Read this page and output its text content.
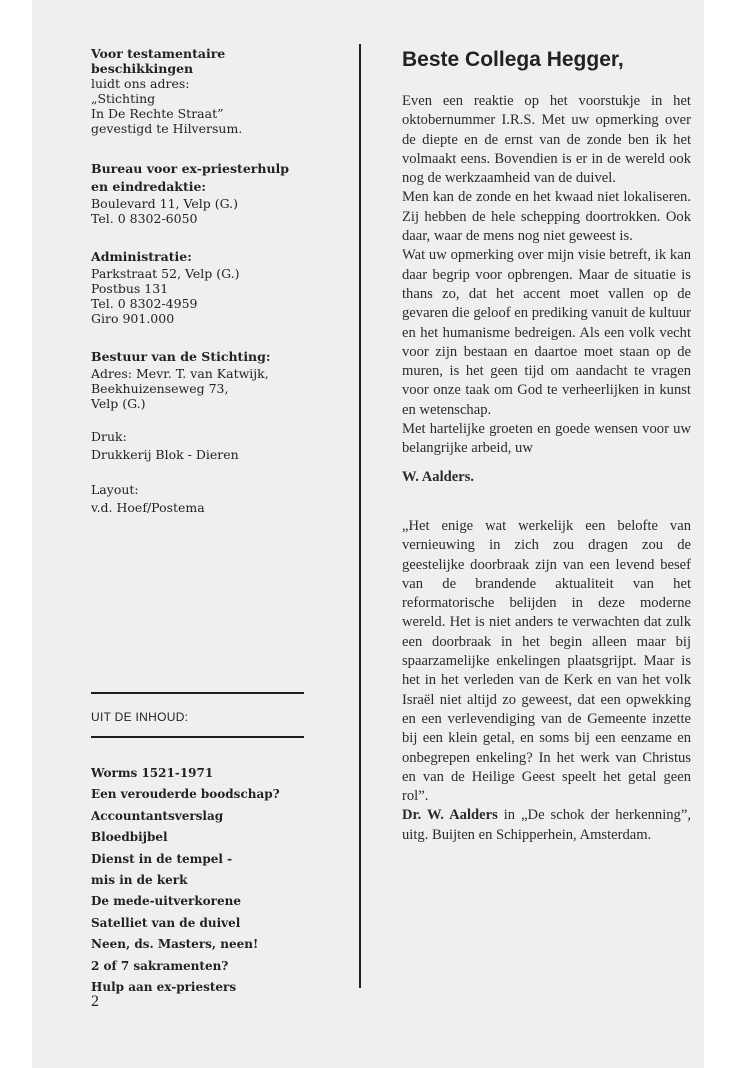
Voor testamentaire
beschikkingen
luidt ons adres:
„Stichting
In De Rechte Straat”
gevestigd te Hilversum.
Bureau voor ex-priesterhulp
en eindredaktie:
Boulevard 11, Velp (G.)
Tel. 0 8302-6050
Administratie:
Parkstraat 52, Velp (G.)
Postbus 131
Tel. 0 8302-4959
Giro 901.000
Bestuur van de Stichting:
Adres: Mevr. T. van Katwijk,
Beekhuizenseweg 73,
Velp (G.)
Druk:
Drukkerij Blok - Dieren
Layout:
v.d. Hoef/Postema
UIT DE INHOUD:
Worms 1521-1971
Een verouderde boodschap?
Accountantsverslag
Bloedbijbel
Dienst in de tempel -
mis in de kerk
De mede-uitverkorene
Satelliet van de duivel
Neen, ds. Masters, neen!
2 of 7 sakramenten?
Hulp aan ex-priesters
2
Beste Collega Hegger,

Even een reaktie op het voorstukje in het oktobernummer I.R.S. Met uw opmerking over de diepte en de ernst van de zonde ben ik het volmaakt eens. Bovendien is er in de wereld ook nog de werkzaamheid van de duivel.

Men kan de zonde en het kwaad niet lokaliseren. Zij hebben de hele schepping doortrokken. Ook daar, waar de mens nog niet geweest is.

Wat uw opmerking over mijn visie betreft, ik kan daar begrip voor opbrengen. Maar de situatie is thans zo, dat het accent moet vallen op de gevaren die geloof en prediking vanuit de kultuur en het humanisme bedreigen. Als een volk vecht voor zijn bestaan en daartoe moet staan op de muren, is het geen tijd om aandacht te vragen voor onze taak om God te verheerlijken in kunst en wetenschap.

Met hartelijke groeten en goede wensen voor uw belangrijke arbeid, uw

W. Aalders.

„Het enige wat werkelijk een belofte van vernieuwing in zich zou dragen zou de geestelijke doorbraak zijn van een levend besef van de brandende aktualiteit van het reformatorische belijden in deze moderne wereld. Het is niet anders te verwachten dat zulk een doorbraak in het begin alleen maar bij spaarzamelijke enkelingen plaatsgrijpt. Maar is het in het verleden van de Kerk en van het volk Israël niet altijd zo geweest, dat een opwekking en een verlevendiging van de Gemeente inzette bij een klein getal, en soms bij een eenzame en onbegrepen enkeling? In het werk van Christus en van de Heilige Geest speelt het getal geen rol”.

Dr. W. Aalders in „De schok der herkenning”, uitg. Buijten en Schipperhein, Amsterdam.
